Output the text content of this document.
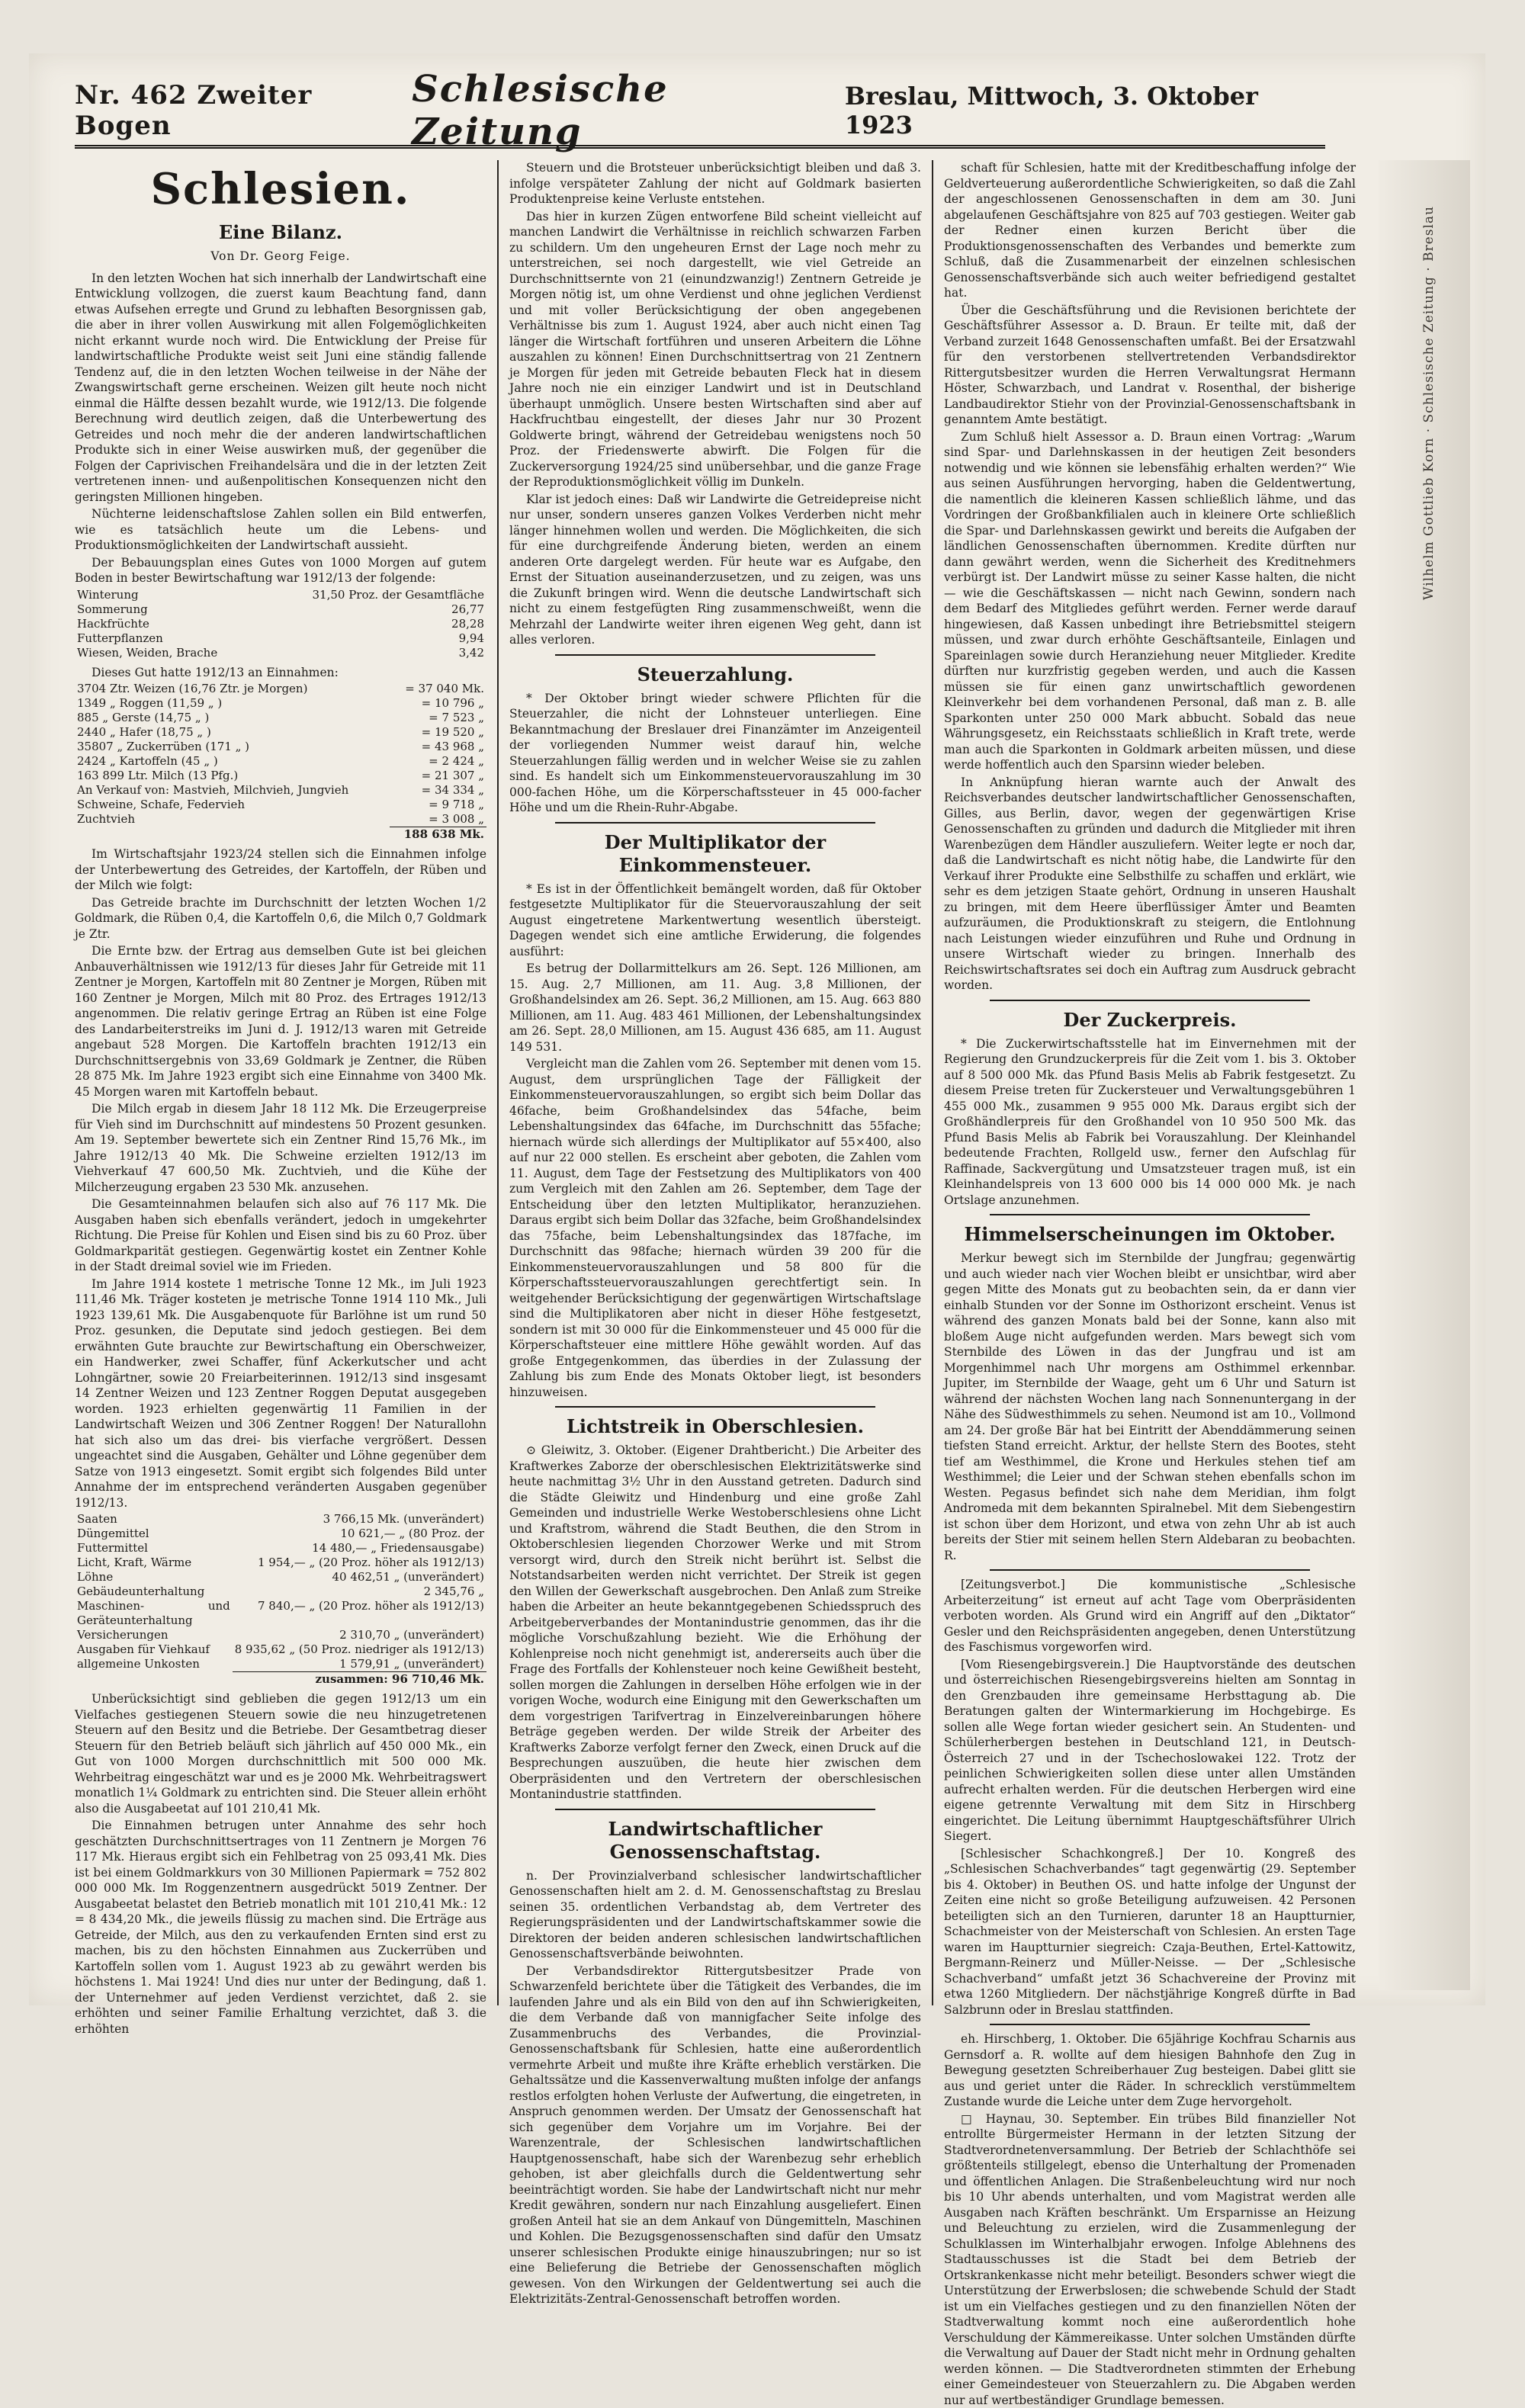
Nr. 462 Zweiter Bogen
Schlesische Zeitung
Breslau, Mittwoch, 3. Oktober 1923
Schlesien.
Eine Bilanz.
Von Dr. Georg Feige.

In den letzten Wochen hat sich innerhalb der Landwirtschaft eine Entwicklung vollzogen, die zuerst kaum Beachtung fand, dann etwas Aufsehen erregte und Grund zu lebhaften Besorgnissen gab, die aber in ihrer vollen Auswirkung mit allen Folgemöglichkeiten nicht erkannt wurde noch wird. Die Entwicklung der Preise für landwirtschaftliche Produkte weist seit Juni eine ständig fallende Tendenz auf, die in den letzten Wochen teilweise in der Nähe der Zwangswirtschaft gerne erscheinen. Weizen gilt heute noch nicht einmal die Hälfte dessen bezahlt wurde, wie 1912/13. Die folgende Berechnung wird deutlich zeigen, daß die Unterbewertung des Getreides und noch mehr die der anderen landwirtschaftlichen Produkte sich in einer Weise auswirken muß, der gegenüber die Folgen der Caprivischen Freihandelsära und die in der letzten Zeit vertretenen innen- und außenpolitischen Konsequenzen nicht den geringsten Millionen hingeben.

Nüchterne leidenschaftslose Zahlen sollen ein Bild entwerfen, wie es tatsächlich heute um die Lebens- und Produktionsmöglichkeiten der Landwirtschaft aussieht.

Der Bebauungsplan eines Gutes von 1000 Morgen auf gutem Boden in bester Bewirtschaftung war 1912/13 der folgende:

Winterung	31,50 Proz. der Gesamtfläche
Sommerung	26,77
Hackfrüchte	28,28
Futterpflanzen	9,94
Wiesen, Weiden, Brache	3,42

Dieses Gut hatte 1912/13 an Einnahmen:

3704 Ztr. Weizen (16,76 Ztr. je Morgen)	= 37 040 Mk.
1349 „ Roggen (11,59 „ )	= 10 796 „
885 „ Gerste (14,75 „ )	= 7 523 „
2440 „ Hafer (18,75 „ )	= 19 520 „
35807 „ Zuckerrüben (171 „ )	= 43 968 „
2424 „ Kartoffeln (45 „ )	= 2 424 „
163 899 Ltr. Milch (13 Pfg.)	= 21 307 „
An Verkauf von: Mastvieh, Milchvieh, Jungvieh	= 34 334 „
Schweine, Schafe, Federvieh	= 9 718 „
Zuchtvieh	= 3 008 „
	188 638 Mk.

Im Wirtschaftsjahr 1923/24 stellen sich die Einnahmen infolge der Unterbewertung des Getreides, der Kartoffeln, der Rüben und der Milch wie folgt:

Das Getreide brachte im Durchschnitt der letzten Wochen 1/2 Goldmark, die Rüben 0,4, die Kartoffeln 0,6, die Milch 0,7 Goldmark je Ztr.

Die Ernte bzw. der Ertrag aus demselben Gute ist bei gleichen Anbauverhältnissen wie 1912/13 für dieses Jahr für Getreide mit 11 Zentner je Morgen, Kartoffeln mit 80 Zentner je Morgen, Rüben mit 160 Zentner je Morgen, Milch mit 80 Proz. des Ertrages 1912/13 angenommen. Die relativ geringe Ertrag an Rüben ist eine Folge des Landarbeiterstreiks im Juni d. J. 1912/13 waren mit Getreide angebaut 528 Morgen. Die Kartoffeln brachten 1912/13 ein Durchschnittsergebnis von 33,69 Goldmark je Zentner, die Rüben 28 875 Mk. Im Jahre 1923 ergibt sich eine Einnahme von 3400 Mk. 45 Morgen waren mit Kartoffeln bebaut.

Die Milch ergab in diesem Jahr 18 112 Mk. Die Erzeugerpreise für Vieh sind im Durchschnitt auf mindestens 50 Prozent gesunken. Am 19. September bewertete sich ein Zentner Rind 15,76 Mk., im Jahre 1912/13 40 Mk. Die Schweine erzielten 1912/13 im Viehverkauf 47 600,50 Mk. Zuchtvieh, und die Kühe der Milcherzeugung ergaben 23 530 Mk. anzusehen.

Die Gesamteinnahmen belaufen sich also auf 76 117 Mk. Die Ausgaben haben sich ebenfalls verändert, jedoch in umgekehrter Richtung. Die Preise für Kohlen und Eisen sind bis zu 60 Proz. über Goldmarkparität gestiegen. Gegenwärtig kostet ein Zentner Kohle in der Stadt dreimal soviel wie im Frieden.

Im Jahre 1914 kostete 1 metrische Tonne 12 Mk., im Juli 1923 111,46 Mk. Träger kosteten je metrische Tonne 1914 110 Mk., Juli 1923 139,61 Mk. Die Ausgabenquote für Barlöhne ist um rund 50 Proz. gesunken, die Deputate sind jedoch gestiegen. Bei dem erwähnten Gute brauchte zur Bewirtschaftung ein Oberschweizer, ein Handwerker, zwei Schaffer, fünf Ackerkutscher und acht Lohngärtner, sowie 20 Freiarbeiterinnen. 1912/13 sind insgesamt 14 Zentner Weizen und 123 Zentner Roggen Deputat ausgegeben worden. 1923 erhielten gegenwärtig 11 Familien in der Landwirtschaft Weizen und 306 Zentner Roggen! Der Naturallohn hat sich also um das drei- bis vierfache vergrößert. Dessen ungeachtet sind die Ausgaben, Gehälter und Löhne gegenüber dem Satze von 1913 eingesetzt. Somit ergibt sich folgendes Bild unter Annahme der im entsprechend veränderten Ausgaben gegenüber 1912/13.

Saaten	3 766,15 Mk. (unverändert)
Düngemittel	10 621,— „ (80 Proz. der
Futtermittel	14 480,— „ Friedensausgabe)
Licht, Kraft, Wärme	1 954,— „ (20 Proz. höher als 1912/13)
Löhne	40 462,51 „ (unverändert)
Gebäudeunterhaltung	2 345,76 „
Maschinen- und Geräteunterhaltung	7 840,— „ (20 Proz. höher als 1912/13)
Versicherungen	2 310,70 „ (unverändert)
Ausgaben für Viehkauf	8 935,62 „ (50 Proz. niedriger als 1912/13)
allgemeine Unkosten	1 579,91 „ (unverändert)
	zusammen: 96 710,46 Mk.

Unberücksichtigt sind geblieben die gegen 1912/13 um ein Vielfaches gestiegenen Steuern sowie die neu hinzugetretenen Steuern auf den Besitz und die Betriebe. Der Gesamtbetrag dieser Steuern für den Betrieb beläuft sich jährlich auf 450 000 Mk., ein Gut von 1000 Morgen durchschnittlich mit 500 000 Mk. Wehrbeitrag eingeschätzt war und es je 2000 Mk. Wehrbeitragswert monatlich 1¼ Goldmark zu entrichten sind. Die Steuer allein erhöht also die Ausgabeetat auf 101 210,41 Mk.

Die Einnahmen betrugen unter Annahme des sehr hoch geschätzten Durchschnittsertrages von 11 Zentnern je Morgen 76 117 Mk. Hieraus ergibt sich ein Fehlbetrag von 25 093,41 Mk. Dies ist bei einem Goldmarkkurs von 30 Millionen Papiermark = 752 802 000 000 Mk. Im Roggenzentnern ausgedrückt 5019 Zentner. Der Ausgabeetat belastet den Betrieb monatlich mit 101 210,41 Mk.: 12 = 8 434,20 Mk., die jeweils flüssig zu machen sind. Die Erträge aus Getreide, der Milch, aus den zu verkaufenden Ernten sind erst zu machen, bis zu den höchsten Einnahmen aus Zuckerrüben und Kartoffeln sollen vom 1. August 1923 ab zu gewährt werden bis höchstens 1. Mai 1924! Und dies nur unter der Bedingung, daß 1. der Unternehmer auf jeden Verdienst verzichtet, daß 2. sie erhöhten und seiner Familie Erhaltung verzichtet, daß 3. die erhöhten

Steuern und die Brotsteuer unberücksichtigt bleiben und daß 3. infolge verspäteter Zahlung der nicht auf Goldmark basierten Produktenpreise keine Verluste entstehen.

Das hier in kurzen Zügen entworfene Bild scheint vielleicht auf manchen Landwirt die Verhältnisse in reichlich schwarzen Farben zu schildern. Um den ungeheuren Ernst der Lage noch mehr zu unterstreichen, sei noch dargestellt, wie viel Getreide an Durchschnittsernte von 21 (einundzwanzig!) Zentnern Getreide je Morgen nötig ist, um ohne Verdienst und ohne jeglichen Verdienst und mit voller Berücksichtigung der oben angegebenen Verhältnisse bis zum 1. August 1924, aber auch nicht einen Tag länger die Wirtschaft fortführen und unseren Arbeitern die Löhne auszahlen zu können! Einen Durchschnittsertrag von 21 Zentnern je Morgen für jeden mit Getreide bebauten Fleck hat in diesem Jahre noch nie ein einziger Landwirt und ist in Deutschland überhaupt unmöglich. Unsere besten Wirtschaften sind aber auf Hackfruchtbau eingestellt, der dieses Jahr nur 30 Prozent Goldwerte bringt, während der Getreidebau wenigstens noch 50 Proz. der Friedenswerte abwirft. Die Folgen für die Zuckerversorgung 1924/25 sind unübersehbar, und die ganze Frage der Reproduktionsmöglichkeit völlig im Dunkeln.

Klar ist jedoch eines: Daß wir Landwirte die Getreidepreise nicht nur unser, sondern unseres ganzen Volkes Verderben nicht mehr länger hinnehmen wollen und werden. Die Möglichkeiten, die sich für eine durchgreifende Änderung bieten, werden an einem anderen Orte dargelegt werden. Für heute war es Aufgabe, den Ernst der Situation auseinanderzusetzen, und zu zeigen, was uns die Zukunft bringen wird. Wenn die deutsche Landwirtschaft sich nicht zu einem festgefügten Ring zusammenschweißt, wenn die Mehrzahl der Landwirte weiter ihren eigenen Weg geht, dann ist alles verloren.

Steuerzahlung.

* Der Oktober bringt wieder schwere Pflichten für die Steuerzahler, die nicht der Lohnsteuer unterliegen. Eine Bekanntmachung der Breslauer drei Finanzämter im Anzeigenteil der vorliegenden Nummer weist darauf hin, welche Steuerzahlungen fällig werden und in welcher Weise sie zu zahlen sind. Es handelt sich um Einkommensteuervorauszahlung im 30 000-fachen Höhe, um die Körperschaftssteuer in 45 000-facher Höhe und um die Rhein-Ruhr-Abgabe.

Der Multiplikator der Einkommensteuer.

* Es ist in der Öffentlichkeit bemängelt worden, daß für Oktober festgesetzte Multiplikator für die Steuervorauszahlung der seit August eingetretene Markentwertung wesentlich übersteigt. Dagegen wendet sich eine amtliche Erwiderung, die folgendes ausführt:

Es betrug der Dollarmittelkurs am 26. Sept. 126 Millionen, am 15. Aug. 2,7 Millionen, am 11. Aug. 3,8 Millionen, der Großhandelsindex am 26. Sept. 36,2 Millionen, am 15. Aug. 663 880 Millionen, am 11. Aug. 483 461 Millionen, der Lebenshaltungsindex am 26. Sept. 28,0 Millionen, am 15. August 436 685, am 11. August 149 531.

Vergleicht man die Zahlen vom 26. September mit denen vom 15. August, dem ursprünglichen Tage der Fälligkeit der Einkommensteuervorauszahlungen, so ergibt sich beim Dollar das 46fache, beim Großhandelsindex das 54fache, beim Lebenshaltungsindex das 64fache, im Durchschnitt das 55fache; hiernach würde sich allerdings der Multiplikator auf 55×400, also auf nur 22 000 stellen. Es erscheint aber geboten, die Zahlen vom 11. August, dem Tage der Festsetzung des Multiplikators von 400 zum Vergleich mit den Zahlen am 26. September, dem Tage der Entscheidung über den letzten Multiplikator, heranzuziehen. Daraus ergibt sich beim Dollar das 32fache, beim Großhandelsindex das 75fache, beim Lebenshaltungsindex das 187fache, im Durchschnitt das 98fache; hiernach würden 39 200 für die Einkommensteuervorauszahlungen und 58 800 für die Körperschaftssteuervorauszahlungen gerechtfertigt sein. In weitgehender Berücksichtigung der gegenwärtigen Wirtschaftslage sind die Multiplikatoren aber nicht in dieser Höhe festgesetzt, sondern ist mit 30 000 für die Einkommensteuer und 45 000 für die Körperschaftsteuer eine mittlere Höhe gewählt worden. Auf das große Entgegenkommen, das überdies in der Zulassung der Zahlung bis zum Ende des Monats Oktober liegt, ist besonders hinzuweisen.

Lichtstreik in Oberschlesien.

⊙ Gleiwitz, 3. Oktober. (Eigener Drahtbericht.) Die Arbeiter des Kraftwerkes Zaborze der oberschlesischen Elektrizitätswerke sind heute nachmittag 3½ Uhr in den Ausstand getreten. Dadurch sind die Städte Gleiwitz und Hindenburg und eine große Zahl Gemeinden und industrielle Werke Westoberschlesiens ohne Licht und Kraftstrom, während die Stadt Beuthen, die den Strom in Oktoberschlesien liegenden Chorzower Werke und mit Strom versorgt wird, durch den Streik nicht berührt ist. Selbst die Notstandsarbeiten werden nicht verrichtet. Der Streik ist gegen den Willen der Gewerkschaft ausgebrochen. Den Anlaß zum Streike haben die Arbeiter an heute bekanntgegebenen Schiedsspruch des Arbeitgeberverbandes der Montanindustrie genommen, das ihr die mögliche Vorschußzahlung bezieht. Wie die Erhöhung der Kohlenpreise noch nicht genehmigt ist, andererseits auch über die Frage des Fortfalls der Kohlensteuer noch keine Gewißheit besteht, sollen morgen die Zahlungen in derselben Höhe erfolgen wie in der vorigen Woche, wodurch eine Einigung mit den Gewerkschaften um dem vorgestrigen Tarifvertrag in Einzelvereinbarungen höhere Beträge gegeben werden. Der wilde Streik der Arbeiter des Kraftwerks Zaborze verfolgt ferner den Zweck, einen Druck auf die Besprechungen auszuüben, die heute hier zwischen dem Oberpräsidenten und den Vertretern der oberschlesischen Montanindustrie stattfinden.

Landwirtschaftlicher Genossenschaftstag.

n. Der Provinzialverband schlesischer landwirtschaftlicher Genossenschaften hielt am 2. d. M. Genossenschaftstag zu Breslau seinen 35. ordentlichen Verbandstag ab, dem Vertreter des Regierungspräsidenten und der Landwirtschaftskammer sowie die Direktoren der beiden anderen schlesischen landwirtschaftlichen Genossenschaftsverbände beiwohnten.

Der Verbandsdirektor Rittergutsbesitzer Prade von Schwarzenfeld berichtete über die Tätigkeit des Verbandes, die im laufenden Jahre und als ein Bild von den auf ihn Schwierigkeiten, die dem Verbande daß von mannigfacher Seite infolge des Zusammenbruchs des Verbandes, die Provinzial-Genossenschaftsbank für Schlesien, hatte eine außerordentlich vermehrte Arbeit und mußte ihre Kräfte erheblich verstärken. Die Gehaltssätze und die Kassenverwaltung mußten infolge der anfangs restlos erfolgten hohen Verluste der Aufwertung, die eingetreten, in Anspruch genommen werden. Der Umsatz der Genossenschaft hat sich gegenüber dem Vorjahre um im Vorjahre. Bei der Warenzentrale, der Schlesischen landwirtschaftlichen Hauptgenossenschaft, habe sich der Warenbezug sehr erheblich gehoben, ist aber gleichfalls durch die Geldentwertung sehr beeinträchtigt worden. Sie habe der Landwirtschaft nicht nur mehr Kredit gewähren, sondern nur nach Einzahlung ausgeliefert. Einen großen Anteil hat sie an dem Ankauf von Düngemitteln, Maschinen und Kohlen. Die Bezugsgenossenschaften sind dafür den Umsatz unserer schlesischen Produkte einige hinauszubringen; nur so ist eine Belieferung die Betriebe der Genossenschaften möglich gewesen. Von den Wirkungen der Geldentwertung sei auch die Elektrizitäts-Zentral-Genossenschaft betroffen worden.

schaft für Schlesien, hatte mit der Kreditbeschaffung infolge der Geldverteuerung außerordentliche Schwierigkeiten, so daß die Zahl der angeschlossenen Genossenschaften in dem am 30. Juni abgelaufenen Geschäftsjahre von 825 auf 703 gestiegen. Weiter gab der Redner einen kurzen Bericht über die Produktionsgenossenschaften des Verbandes und bemerkte zum Schluß, daß die Zusammenarbeit der einzelnen schlesischen Genossenschaftsverbände sich auch weiter befriedigend gestaltet hat.

Über die Geschäftsführung und die Revisionen berichtete der Geschäftsführer Assessor a. D. Braun. Er teilte mit, daß der Verband zurzeit 1648 Genossenschaften umfaßt. Bei der Ersatzwahl für den verstorbenen stellvertretenden Verbandsdirektor Rittergutsbesitzer wurden die Herren Verwaltungsrat Hermann Höster, Schwarzbach, und Landrat v. Rosenthal, der bisherige Landbaudirektor Stiehr von der Provinzial-Genossenschaftsbank in genanntem Amte bestätigt.

Zum Schluß hielt Assessor a. D. Braun einen Vortrag: „Warum sind Spar- und Darlehnskassen in der heutigen Zeit besonders notwendig und wie können sie lebensfähig erhalten werden?“ Wie aus seinen Ausführungen hervorging, haben die Geldentwertung, die namentlich die kleineren Kassen schließlich lähme, und das Vordringen der Großbankfilialen auch in kleinere Orte schließlich die Spar- und Darlehnskassen gewirkt und bereits die Aufgaben der ländlichen Genossenschaften übernommen. Kredite dürften nur dann gewährt werden, wenn die Sicherheit des Kreditnehmers verbürgt ist. Der Landwirt müsse zu seiner Kasse halten, die nicht — wie die Geschäftskassen — nicht nach Gewinn, sondern nach dem Bedarf des Mitgliedes geführt werden. Ferner werde darauf hingewiesen, daß Kassen unbedingt ihre Betriebsmittel steigern müssen, und zwar durch erhöhte Geschäftsanteile, Einlagen und Spareinlagen sowie durch Heranziehung neuer Mitglieder. Kredite dürften nur kurzfristig gegeben werden, und auch die Kassen müssen sie für einen ganz unwirtschaftlich gewordenen Kleinverkehr bei dem vorhandenen Personal, daß man z. B. alle Sparkonten unter 250 000 Mark abbucht. Sobald das neue Währungsgesetz, ein Reichsstaats schließlich in Kraft trete, werde man auch die Sparkonten in Goldmark arbeiten müssen, und diese werde hoffentlich auch den Sparsinn wieder beleben.

In Anknüpfung hieran warnte auch der Anwalt des Reichsverbandes deutscher landwirtschaftlicher Genossenschaften, Gilles, aus Berlin, davor, wegen der gegenwärtigen Krise Genossenschaften zu gründen und dadurch die Mitglieder mit ihren Warenbezügen dem Händler auszuliefern. Weiter legte er noch dar, daß die Landwirtschaft es nicht nötig habe, die Landwirte für den Verkauf ihrer Produkte eine Selbsthilfe zu schaffen und erklärt, wie sehr es dem jetzigen Staate gehört, Ordnung in unseren Haushalt zu bringen, mit dem Heere überflüssiger Ämter und Beamten aufzuräumen, die Produktionskraft zu steigern, die Entlohnung nach Leistungen wieder einzuführen und Ruhe und Ordnung in unsere Wirtschaft wieder zu bringen. Innerhalb des Reichswirtschaftsrates sei doch ein Auftrag zum Ausdruck gebracht worden.

Der Zuckerpreis.

* Die Zuckerwirtschaftsstelle hat im Einvernehmen mit der Regierung den Grundzuckerpreis für die Zeit vom 1. bis 3. Oktober auf 8 500 000 Mk. das Pfund Basis Melis ab Fabrik festgesetzt. Zu diesem Preise treten für Zuckersteuer und Verwaltungsgebühren 1 455 000 Mk., zusammen 9 955 000 Mk. Daraus ergibt sich der Großhändlerpreis für den Großhandel von 10 950 500 Mk. das Pfund Basis Melis ab Fabrik bei Vorauszahlung. Der Kleinhandel bedeutende Frachten, Rollgeld usw., ferner den Aufschlag für Raffinade, Sackvergütung und Umsatzsteuer tragen muß, ist ein Kleinhandelspreis von 13 600 000 bis 14 000 000 Mk. je nach Ortslage anzunehmen.

Himmelserscheinungen im Oktober.

Merkur bewegt sich im Sternbilde der Jungfrau; gegenwärtig und auch wieder nach vier Wochen bleibt er unsichtbar, wird aber gegen Mitte des Monats gut zu beobachten sein, da er dann vier einhalb Stunden vor der Sonne im Osthorizont erscheint. Venus ist während des ganzen Monats bald bei der Sonne, kann also mit bloßem Auge nicht aufgefunden werden. Mars bewegt sich vom Sternbilde des Löwen in das der Jungfrau und ist am Morgenhimmel nach Uhr morgens am Osthimmel erkennbar. Jupiter, im Sternbilde der Waage, geht um 6 Uhr und Saturn ist während der nächsten Wochen lang nach Sonnenuntergang in der Nähe des Südwesthimmels zu sehen. Neumond ist am 10., Vollmond am 24. Der große Bär hat bei Eintritt der Abenddämmerung seinen tiefsten Stand erreicht. Arktur, der hellste Stern des Bootes, steht tief am Westhimmel, die Krone und Herkules stehen tief am Westhimmel; die Leier und der Schwan stehen ebenfalls schon im Westen. Pegasus befindet sich nahe dem Meridian, ihm folgt Andromeda mit dem bekannten Spiralnebel. Mit dem Siebengestirn ist schon über dem Horizont, und etwa von zehn Uhr ab ist auch bereits der Stier mit seinem hellen Stern Aldebaran zu beobachten. R.

[Zeitungsverbot.] Die kommunistische „Schlesische Arbeiterzeitung“ ist erneut auf acht Tage vom Oberpräsidenten verboten worden. Als Grund wird ein Angriff auf den „Diktator“ Gesler und den Reichspräsidenten angegeben, denen Unterstützung des Faschismus vorgeworfen wird.

[Vom Riesengebirgsverein.] Die Hauptvorstände des deutschen und österreichischen Riesengebirgsvereins hielten am Sonntag in den Grenzbauden ihre gemeinsame Herbsttagung ab. Die Beratungen galten der Wintermarkierung im Hochgebirge. Es sollen alle Wege fortan wieder gesichert sein. An Studenten- und Schülerherbergen bestehen in Deutschland 121, in Deutsch-Österreich 27 und in der Tschechoslowakei 122. Trotz der peinlichen Schwierigkeiten sollen diese unter allen Umständen aufrecht erhalten werden. Für die deutschen Herbergen wird eine eigene getrennte Verwaltung mit dem Sitz in Hirschberg eingerichtet. Die Leitung übernimmt Hauptgeschäftsführer Ulrich Siegert.

[Schlesischer Schachkongreß.] Der 10. Kongreß des „Schlesischen Schachverbandes“ tagt gegenwärtig (29. September bis 4. Oktober) in Beuthen OS. und hatte infolge der Ungunst der Zeiten eine nicht so große Beteiligung aufzuweisen. 42 Personen beteiligten sich an den Turnieren, darunter 18 an Hauptturnier, Schachmeister von der Meisterschaft von Schlesien. An ersten Tage waren im Hauptturnier siegreich: Czaja-Beuthen, Ertel-Kattowitz, Bergmann-Reinerz und Müller-Neisse. — Der „Schlesische Schachverband“ umfaßt jetzt 36 Schachvereine der Provinz mit etwa 1260 Mitgliedern. Der nächstjährige Kongreß dürfte in Bad Salzbrunn oder in Breslau stattfinden.

eh. Hirschberg, 1. Oktober. Die 65jährige Kochfrau Scharnis aus Gernsdorf a. R. wollte auf dem hiesigen Bahnhofe den Zug in Bewegung gesetzten Schreiberhauer Zug besteigen. Dabei glitt sie aus und geriet unter die Räder. In schrecklich verstümmeltem Zustande wurde die Leiche unter dem Zuge hervorgeholt.

□ Haynau, 30. September. Ein trübes Bild finanzieller Not entrollte Bürgermeister Hermann in der letzten Sitzung der Stadtverordnetenversammlung. Der Betrieb der Schlachthöfe sei größtenteils stillgelegt, ebenso die Unterhaltung der Promenaden und öffentlichen Anlagen. Die Straßenbeleuchtung wird nur noch bis 10 Uhr abends unterhalten, und vom Magistrat werden alle Ausgaben nach Kräften beschränkt. Um Ersparnisse an Heizung und Beleuchtung zu erzielen, wird die Zusammenlegung der Schulklassen im Winterhalbjahr erwogen. Infolge Ablehnens des Stadtausschusses ist die Stadt bei dem Betrieb der Ortskrankenkasse nicht mehr beteiligt. Besonders schwer wiegt die Unterstützung der Erwerbslosen; die schwebende Schuld der Stadt ist um ein Vielfaches gestiegen und zu den finanziellen Nöten der Stadtverwaltung kommt noch eine außerordentlich hohe Verschuldung der Kämmereikasse. Unter solchen Umständen dürfte die Verwaltung auf Dauer der Stadt nicht mehr in Ordnung gehalten werden können. — Die Stadtverordneten stimmten der Erhebung einer Gemeindesteuer von Steuerzahlern zu. Die Abgaben werden nur auf wertbeständiger Grundlage bemessen.

Wilhelm Gottlieb Korn · Schlesische Zeitung · Breslau
